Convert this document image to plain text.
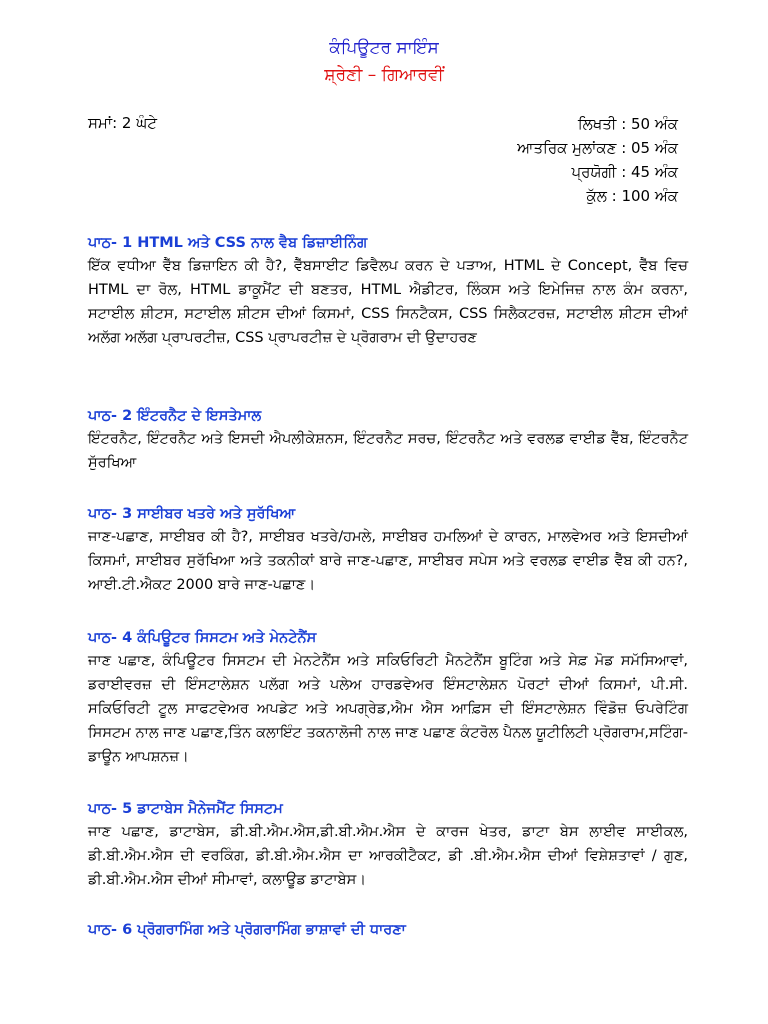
ਕੰਪਿਊਟਰ ਸਾਇੰਸ
ਸ਼੍ਰੇਣੀ – ਗਿਆਰਵੀਂ
ਸਮਾਂ: 2 ਘੰਟੇ	ਲਿਖਤੀ : 50 ਅੰਕ
ਆਤਰਿਕ ਮੁਲਾਂਕਣ : 05 ਅੰਕ
ਪ੍ਰਯੋਗੀ : 45 ਅੰਕ
ਕੁੱਲ : 100 ਅੰਕ
ਪਾਠ- 1 HTML ਅਤੇ CSS ਨਾਲ ਵੈਬ ਡਿਜ਼ਾਈਨਿੰਗ
ਇੱਕ ਵਧੀਆ ਵੈੱਬ ਡਿਜ਼ਾਇਨ ਕੀ ਹੈ?, ਵੈੱਬਸਾਈਟ ਡਿਵੈਲਪ ਕਰਨ ਦੇ ਪੜਾਅ, HTML ਦੇ Concept, ਵੈੱਬ ਵਿਚ HTML ਦਾ ਰੋਲ, HTML ਡਾਕੂਮੈਂਟ ਦੀ ਬਣਤਰ, HTML ਐਡੀਟਰ, ਲਿੰਕਸ ਅਤੇ ਇਮੇਜਿਜ਼ ਨਾਲ ਕੰਮ ਕਰਨਾ, ਸਟਾਈਲ ਸ਼ੀਟਸ, ਸਟਾਈਲ ਸ਼ੀਟਸ ਦੀਆਂ ਕਿਸਮਾਂ, CSS ਸਿਨਟੈਕਸ, CSS ਸਿਲੈਕਟਰਜ਼, ਸਟਾਈਲ ਸ਼ੀਟਸ ਦੀਆਂ ਅਲੱਗ ਅਲੱਗ ਪ੍ਰਾਪਰਟੀਜ਼, CSS ਪ੍ਰਾਪਰਟੀਜ਼ ਦੇ ਪ੍ਰੋਗਰਾਮ ਦੀ ਉਦਾਹਰਣ
ਪਾਠ- 2 ਇੰਟਰਨੈਟ ਦੇ ਇਸਤੇਮਾਲ
ਇੰਟਰਨੈਟ, ਇੰਟਰਨੈਟ ਅਤੇ ਇਸਦੀ ਐਪਲੀਕੇਸ਼ਨਸ, ਇੰਟਰਨੈਟ ਸਰਚ, ਇੰਟਰਨੈਟ ਅਤੇ ਵਰਲਡ ਵਾਈਡ ਵੈੱਬ, ਇੰਟਰਨੈਟ ਸੁੱਰਖਿਆ
ਪਾਠ- 3 ਸਾਈਬਰ ਖਤਰੇ ਅਤੇ ਸੁਰੱਖਿਆ
ਜਾਣ-ਪਛਾਣ, ਸਾਈਬਰ ਕੀ ਹੈ?, ਸਾਈਬਰ ਖਤਰੇ/ਹਮਲੇ, ਸਾਈਬਰ ਹਮਲਿਆਂ ਦੇ ਕਾਰਨ, ਮਾਲਵੇਅਰ ਅਤੇ ਇਸਦੀਆਂ ਕਿਸਮਾਂ, ਸਾਈਬਰ ਸੁਰੱਖਿਆ ਅਤੇ ਤਕਨੀਕਾਂ ਬਾਰੇ ਜਾਣ-ਪਛਾਣ, ਸਾਈਬਰ ਸਪੇਸ ਅਤੇ ਵਰਲਡ ਵਾਈਡ ਵੈੱਬ ਕੀ ਹਨ?, ਆਈ.ਟੀ.ਐਕਟ 2000 ਬਾਰੇ ਜਾਣ-ਪਛਾਣ।
ਪਾਠ- 4 ਕੰਪਿਊਟਰ ਸਿਸਟਮ ਅਤੇ ਮੇਨਟੇਨੈਂਸ
ਜਾਣ ਪਛਾਣ, ਕੰਪਿਊਟਰ ਸਿਸਟਮ ਦੀ ਮੇਨਟੇਨੈਂਸ ਅਤੇ ਸਕਿਓਰਿਟੀ ਮੈਨਟੇਨੈਂਸ ਬੂਟਿੰਗ ਅਤੇ ਸੇਫ਼ ਮੋਡ ਸਮੱਸਿਆਵਾਂ, ਡਰਾਈਵਰਜ਼ ਦੀ ਇੰਸਟਾਲੇਸ਼ਨ ਪਲੱਗ ਅਤੇ ਪਲੇਅ ਹਾਰਡਵੇਅਰ ਇੰਸਟਾਲੇਸ਼ਨ ਪੋਰਟਾਂ ਦੀਆਂ ਕਿਸਮਾਂ, ਪੀ.ਸੀ. ਸਕਿਓਰਿਟੀ ਟੂਲ ਸਾਫਟਵੇਅਰ ਅਪਡੇਟ ਅਤੇ ਅਪਗ੍ਰੇਡ,ਐਮ ਐਸ ਆਫ਼ਿਸ ਦੀ ਇੰਸਟਾਲੇਸ਼ਨ ਵਿੰਡੋਜ਼ ਓਪਰੇਟਿੰਗ ਸਿਸਟਮ ਨਾਲ ਜਾਣ ਪਛਾਣ,ਤਿੰਨ ਕਲਾਇੰਟ ਤਕਨਾਲੋਜੀ ਨਾਲ ਜਾਣ ਪਛਾਣ ਕੰਟਰੋਲ ਪੈਨਲ ਯੂਟੀਲਿਟੀ ਪ੍ਰੋਗਰਾਮ,ਸਟਿੰਗ-ਡਾਊਨ ਆਪਸ਼ਨਜ਼।
ਪਾਠ- 5 ਡਾਟਾਬੇਸ ਮੈਨੇਜਮੈਂਟ ਸਿਸਟਮ
ਜਾਣ ਪਛਾਣ, ਡਾਟਾਬੇਸ, ਡੀ.ਬੀ.ਐਮ.ਐਸ,ਡੀ.ਬੀ.ਐਮ.ਐਸ ਦੇ ਕਾਰਜ ਖੇਤਰ, ਡਾਟਾ ਬੇਸ ਲਾਈਵ ਸਾਈਕਲ, ਡੀ.ਬੀ.ਐਮ.ਐਸ ਦੀ ਵਰਕਿੰਗ, ਡੀ.ਬੀ.ਐਮ.ਐਸ ਦਾ ਆਰਕੀਟੈਕਟ, ਡੀ .ਬੀ.ਐਮ.ਐਸ ਦੀਆਂ ਵਿਸ਼ੇਸ਼ਤਾਵਾਂ / ਗੁਣ, ਡੀ.ਬੀ.ਐਮ.ਐਸ ਦੀਆਂ ਸੀਮਾਵਾਂ, ਕਲਾਊਡ ਡਾਟਾਬੇਸ।
ਪਾਠ- 6 ਪ੍ਰੋਗਰਾਮਿੰਗ ਅਤੇ ਪ੍ਰੋਗਰਾਮਿੰਗ ਭਾਸ਼ਾਵਾਂ ਦੀ ਧਾਰਣਾ
